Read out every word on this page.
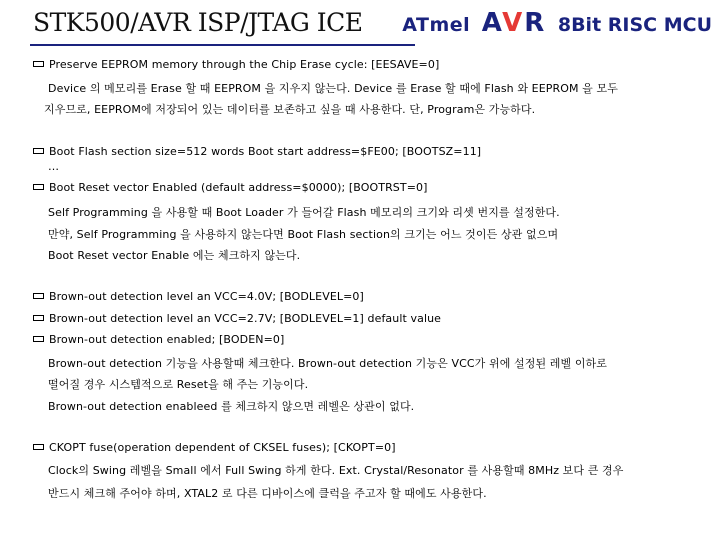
STK500/AVR ISP/JTAG ICE ATmel AVR 8Bit RISC MCU
Preserve EEPROM memory through the Chip Erase cycle: [EESAVE=0]
Device 의 메모리를 Erase 할 때 EEPROM 을 지우지 않는다. Device 를 Erase 할 때에 Flash 와 EEPROM 을 모두
지우므로, EEPROM에 저장되어 있는 데이터를 보존하고 싶을 때 사용한다. 단, Program은 가능하다.
Boot Flash section size=512 words Boot start address=$FE00; [BOOTSZ=11]
…
Boot Reset vector Enabled (default address=$0000); [BOOTRST=0]
Self Programming 을 사용할 때 Boot Loader 가 들어갈 Flash 메모리의 크기와 리셋 번지를 설정한다.
만약, Self Programming 을 사용하지 않는다면 Boot Flash section의 크기는 어느 것이든 상관 없으며
Boot Reset vector Enable 에는 체크하지 않는다.
Brown-out detection level an VCC=4.0V; [BODLEVEL=0]
Brown-out detection level an VCC=2.7V; [BODLEVEL=1] default value
Brown-out detection enabled; [BODEN=0]
Brown-out detection 기능을 사용할때 체크한다. Brown-out detection 기능은 VCC가 위에 설정된 레벨 이하로
떨어질 경우 시스템적으로 Reset을 해 주는 기능이다.
Brown-out detection enableed 를 체크하지 않으면 레벨은 상관이 없다.
CKOPT fuse(operation dependent of CKSEL fuses); [CKOPT=0]
Clock의 Swing 레벨을 Small 에서 Full Swing 하게 한다. Ext. Crystal/Resonator 를 사용할때 8MHz 보다 큰 경우
반드시 체크해 주어야 하며, XTAL2 로 다른 디바이스에 클럭을 주고자 할 때에도 사용한다.
